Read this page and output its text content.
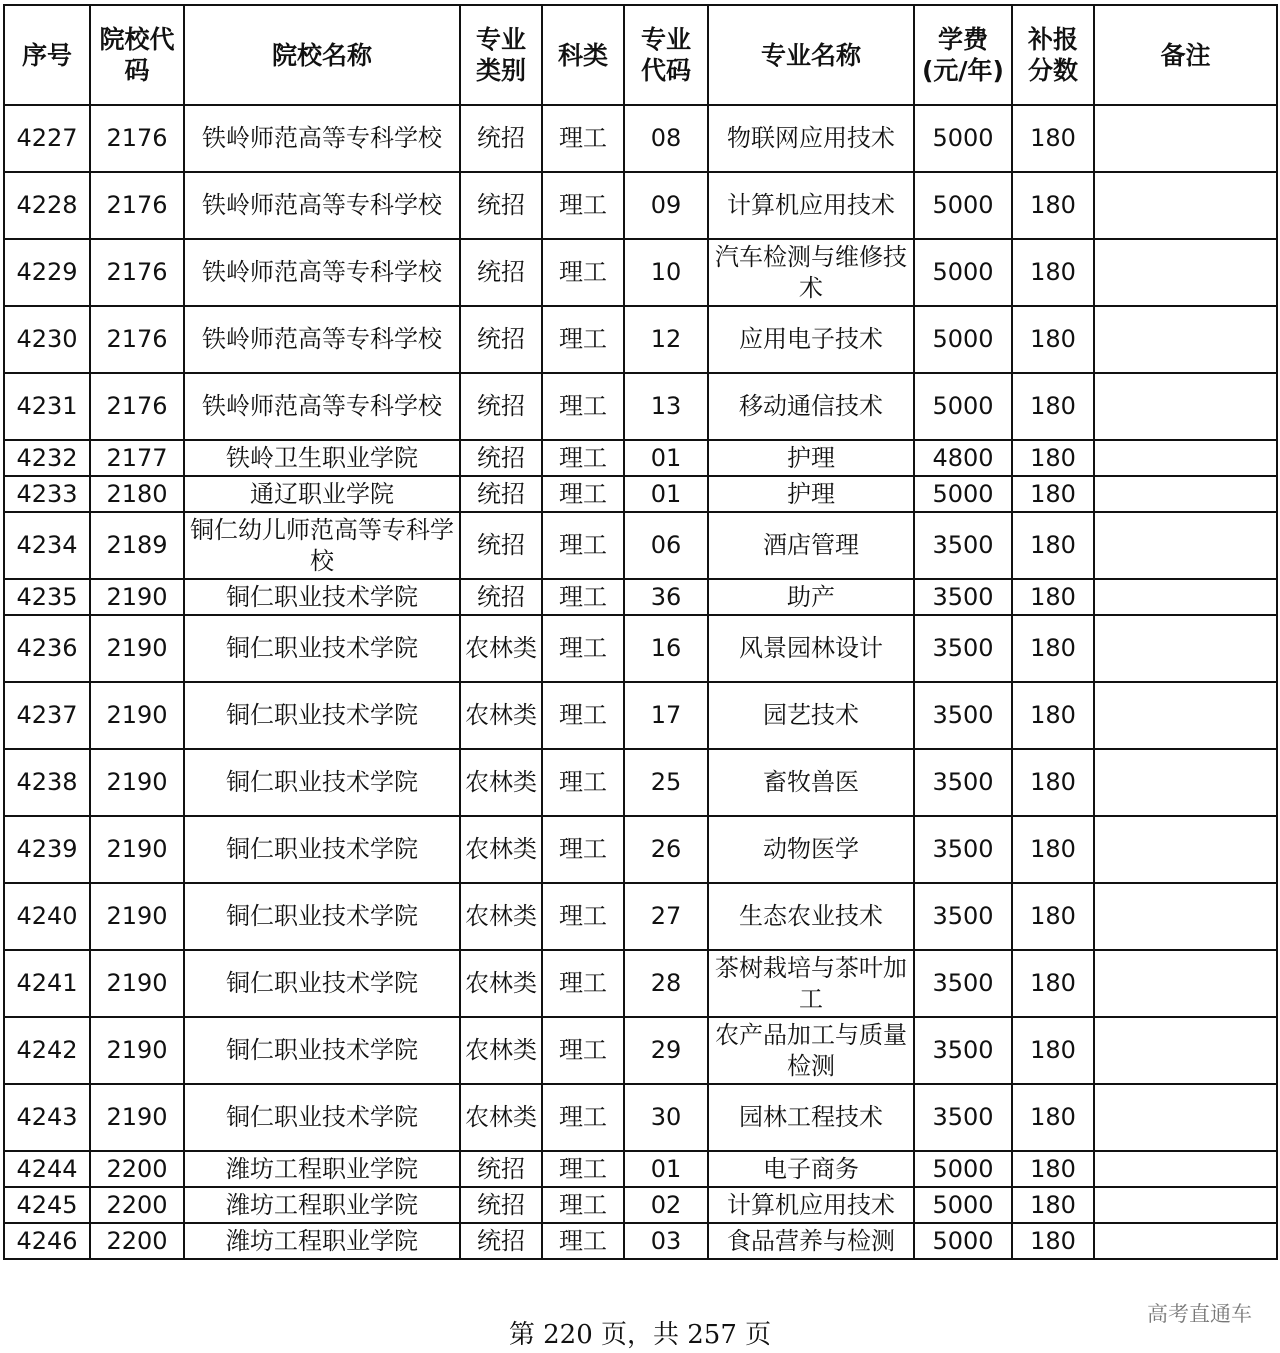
序号	院校代码	院校名称	专业类别	科类	专业代码	专业名称	学费(元/年)	补报分数	备注
4227	2176	铁岭师范高等专科学校	统招	理工	08	物联网应用技术	5000	180	
4228	2176	铁岭师范高等专科学校	统招	理工	09	计算机应用技术	5000	180	
4229	2176	铁岭师范高等专科学校	统招	理工	10	汽车检测与维修技术	5000	180	
4230	2176	铁岭师范高等专科学校	统招	理工	12	应用电子技术	5000	180	
4231	2176	铁岭师范高等专科学校	统招	理工	13	移动通信技术	5000	180	
4232	2177	铁岭卫生职业学院	统招	理工	01	护理	4800	180	
4233	2180	通辽职业学院	统招	理工	01	护理	5000	180	
4234	2189	铜仁幼儿师范高等专科学校	统招	理工	06	酒店管理	3500	180	
4235	2190	铜仁职业技术学院	统招	理工	36	助产	3500	180	
4236	2190	铜仁职业技术学院	农林类	理工	16	风景园林设计	3500	180	
4237	2190	铜仁职业技术学院	农林类	理工	17	园艺技术	3500	180	
4238	2190	铜仁职业技术学院	农林类	理工	25	畜牧兽医	3500	180	
4239	2190	铜仁职业技术学院	农林类	理工	26	动物医学	3500	180	
4240	2190	铜仁职业技术学院	农林类	理工	27	生态农业技术	3500	180	
4241	2190	铜仁职业技术学院	农林类	理工	28	茶树栽培与茶叶加工	3500	180	
4242	2190	铜仁职业技术学院	农林类	理工	29	农产品加工与质量检测	3500	180	
4243	2190	铜仁职业技术学院	农林类	理工	30	园林工程技术	3500	180	
4244	2200	潍坊工程职业学院	统招	理工	01	电子商务	5000	180	
4245	2200	潍坊工程职业学院	统招	理工	02	计算机应用技术	5000	180	
4246	2200	潍坊工程职业学院	统招	理工	03	食品营养与检测	5000	180	
第 220 页，共 257 页
高考直通车
